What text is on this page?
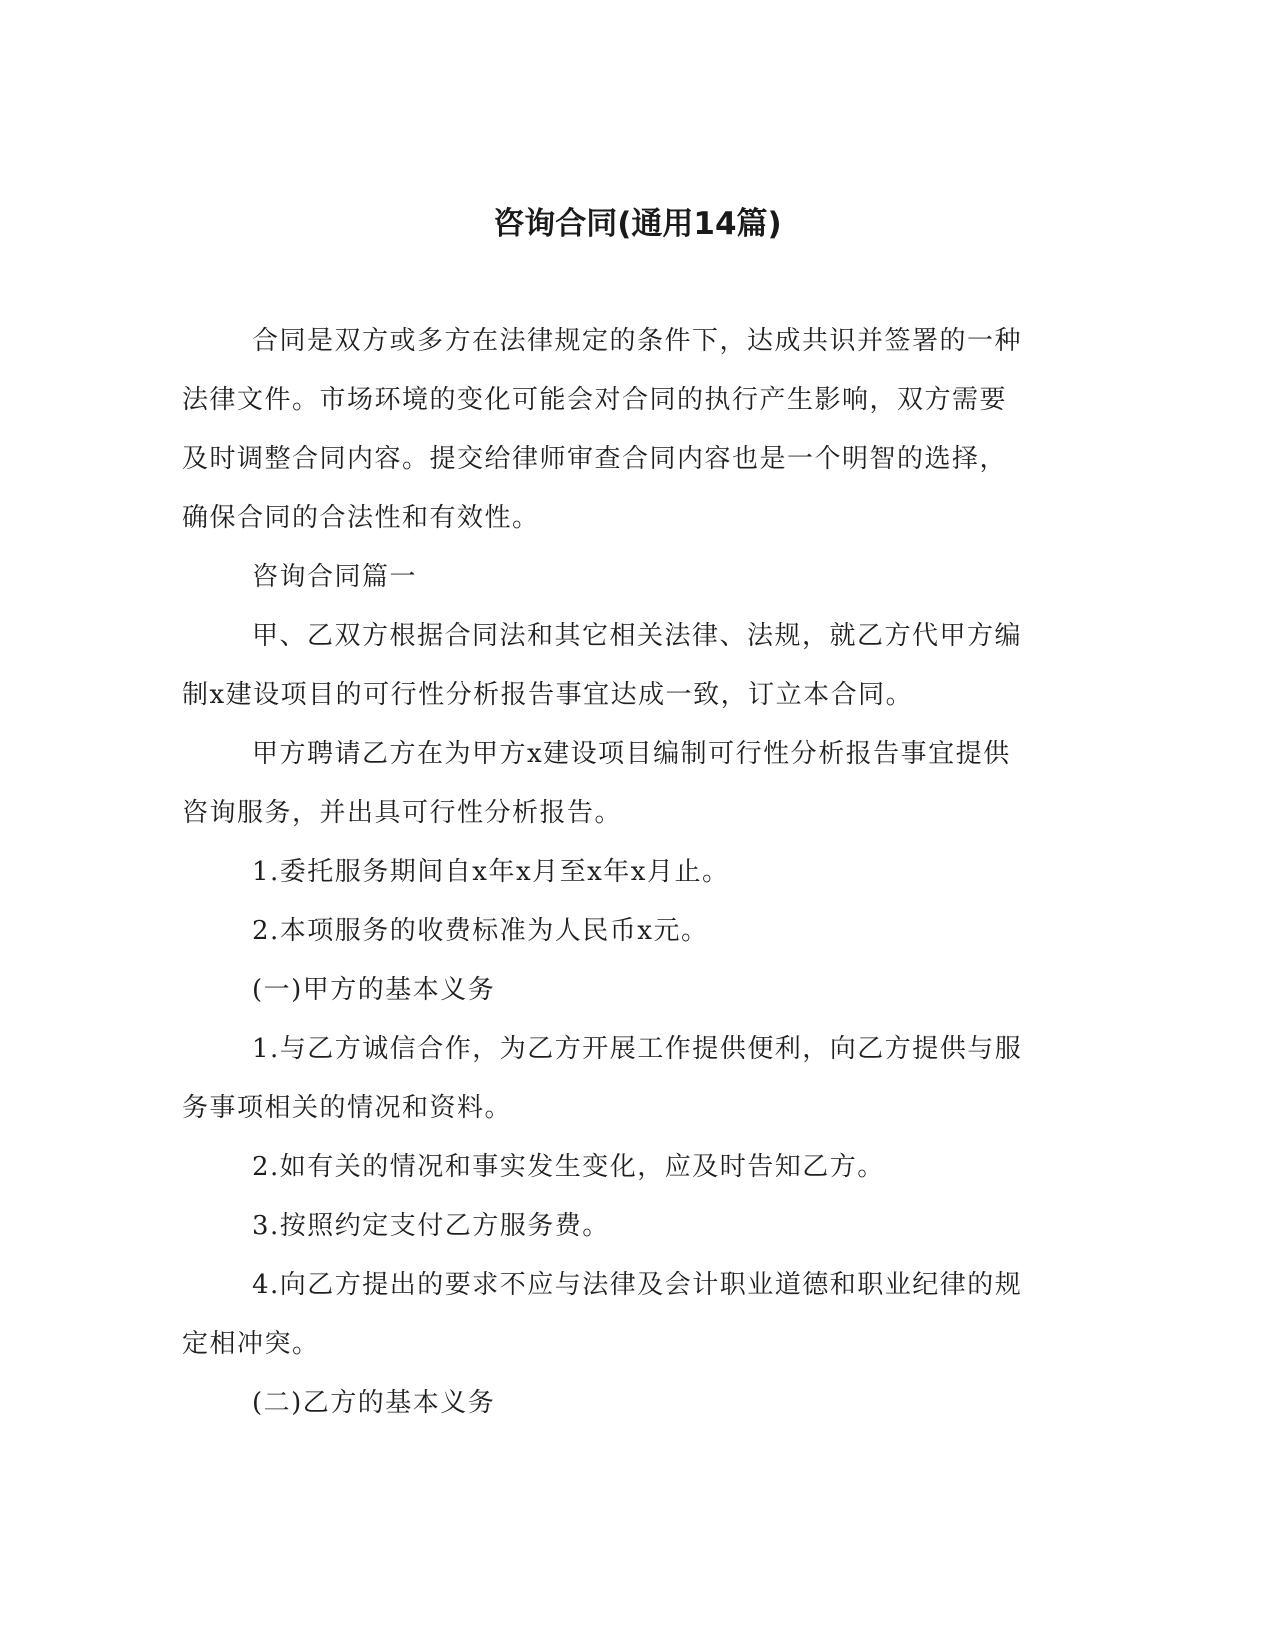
咨询合同(通用14篇)

合同是双方或多方在法律规定的条件下，达成共识并签署的一种法律文件。市场环境的变化可能会对合同的执行产生影响，双方需要及时调整合同内容。提交给律师审查合同内容也是一个明智的选择，确保合同的合法性和有效性。

咨询合同篇一

甲、乙双方根据合同法和其它相关法律、法规，就乙方代甲方编制x建设项目的可行性分析报告事宜达成一致，订立本合同。

甲方聘请乙方在为甲方x建设项目编制可行性分析报告事宜提供咨询服务，并出具可行性分析报告。

1.委托服务期间自x年x月至x年x月止。

2.本项服务的收费标准为人民币x元。

(一)甲方的基本义务

1.与乙方诚信合作，为乙方开展工作提供便利，向乙方提供与服务事项相关的情况和资料。

2.如有关的情况和事实发生变化，应及时告知乙方。

3.按照约定支付乙方服务费。

4.向乙方提出的要求不应与法律及会计职业道德和职业纪律的规定相冲突。

(二)乙方的基本义务
